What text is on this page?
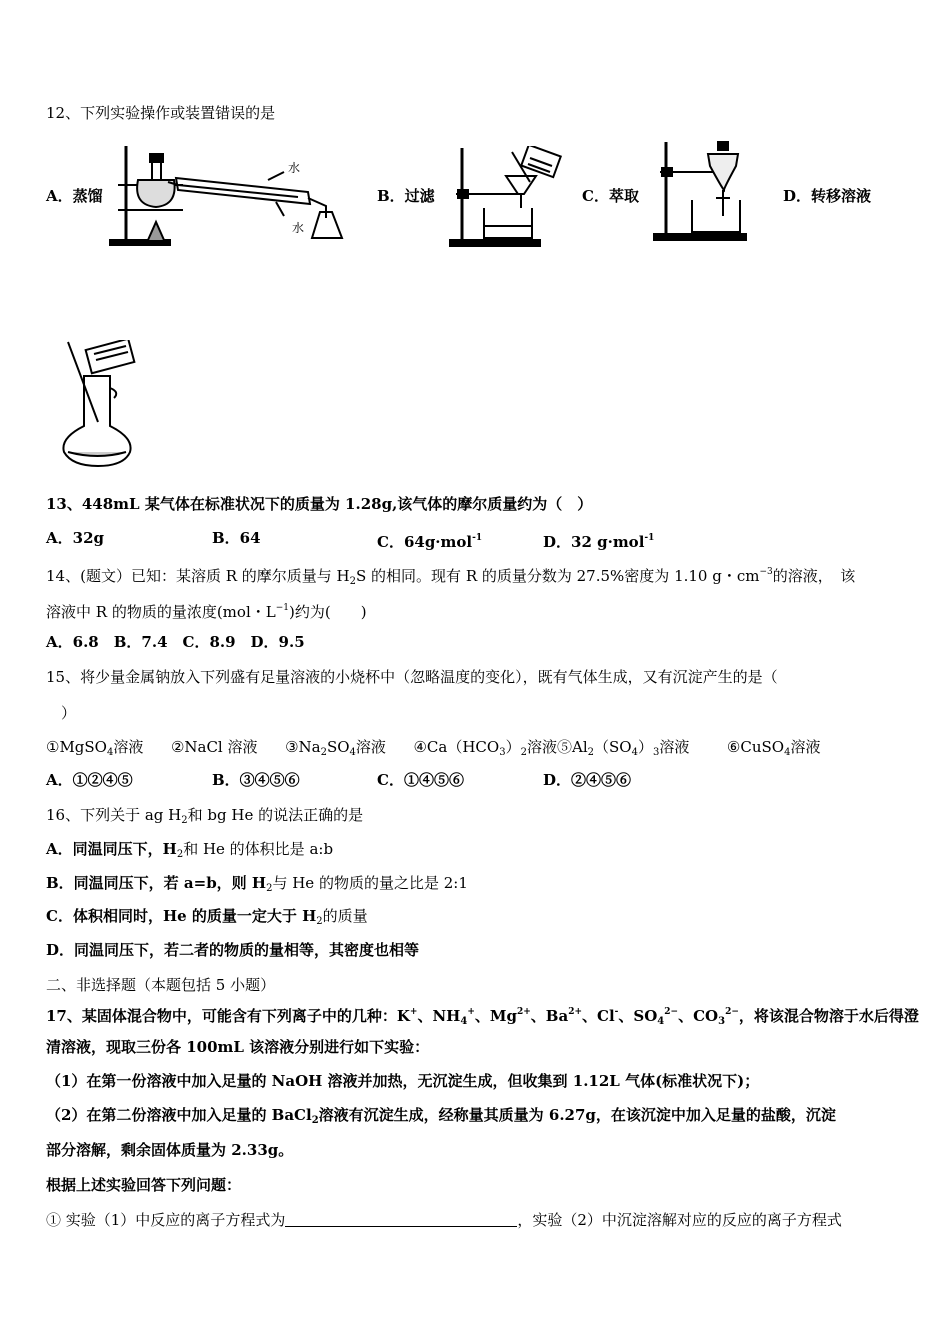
12、下列实验操作或装置错误的是
A．蒸馏	B．过滤	C．萃取	D．转移溶液
水
水
13、448mL 某气体在标准状况下的质量为 1.28g,该气体的摩尔质量约为（　）
A．32g	B．64	C．64g·mol$^{-1}$	D．32 g·mol$^{-1}$
14、(题文）已知：某溶质 R 的摩尔质量与 $H_2S$ 的相同。现有 R 的质量分数为 27.5%密度为 1.10 g・$cm^{-3}$的溶液，　该
溶液中 R 的物质的量浓度(mol・$L^{-1}$)约为(　　)
A．6.8　B．7.4　C．8.9　D．9.5
15、将少量金属钠放入下列盛有足量溶液的小烧杯中（忽略温度的变化），既有气体生成，又有沉淀产生的是（
　）
①MgSO$_4$溶液 ②NaCl 溶液 $③Na_2SO_4$溶液 $④Ca(HCO_3)_2$溶液$⑤Al_2(SO_4)_3$溶液	⑥CuSO$_4$溶液
A．①②④⑤	B．③④⑤⑥	C．①④⑤⑥	D．②④⑤⑥
16、下列关于 ag $H_2$和 bg He 的说法正确的是
A．同温同压下，$H_2$和 He 的体积比是 a:b
B．同温同压下，若 a=b，则 $H_2$与 He 的物质的量之比是 2:1
C．体积相同时，He 的质量一定大于 $H_2$的质量
D．同温同压下，若二者的物质的量相等，其密度也相等
二、非选择题（本题包括 5 小题）
17、某固体混合物中，可能含有下列离子中的几种：K+、$NH_4^+$、$Mg^{2+}$、$Ba^{2+}$、Cl-、$SO_4^{2-}$、$CO_3^{2-}$，将该混合物溶于水后得澄
清溶液，现取三份各 100mL 该溶液分别进行如下实验：
（1）在第一份溶液中加入足量的 NaOH 溶液并加热，无沉淀生成，但收集到 1.12L 气体(标准状况下)；
（2）在第二份溶液中加入足量的 BaCl$_2$溶液有沉淀生成，经称量其质量为 6.27g，在该沉淀中加入足量的盐酸，沉淀
部分溶解，剩余固体质量为 2.33g。
根据上述实验回答下列问题：
① 实验（1）中反应的离子方程式为	，实验（2）中沉淀溶解对应的反应的离子方程式
